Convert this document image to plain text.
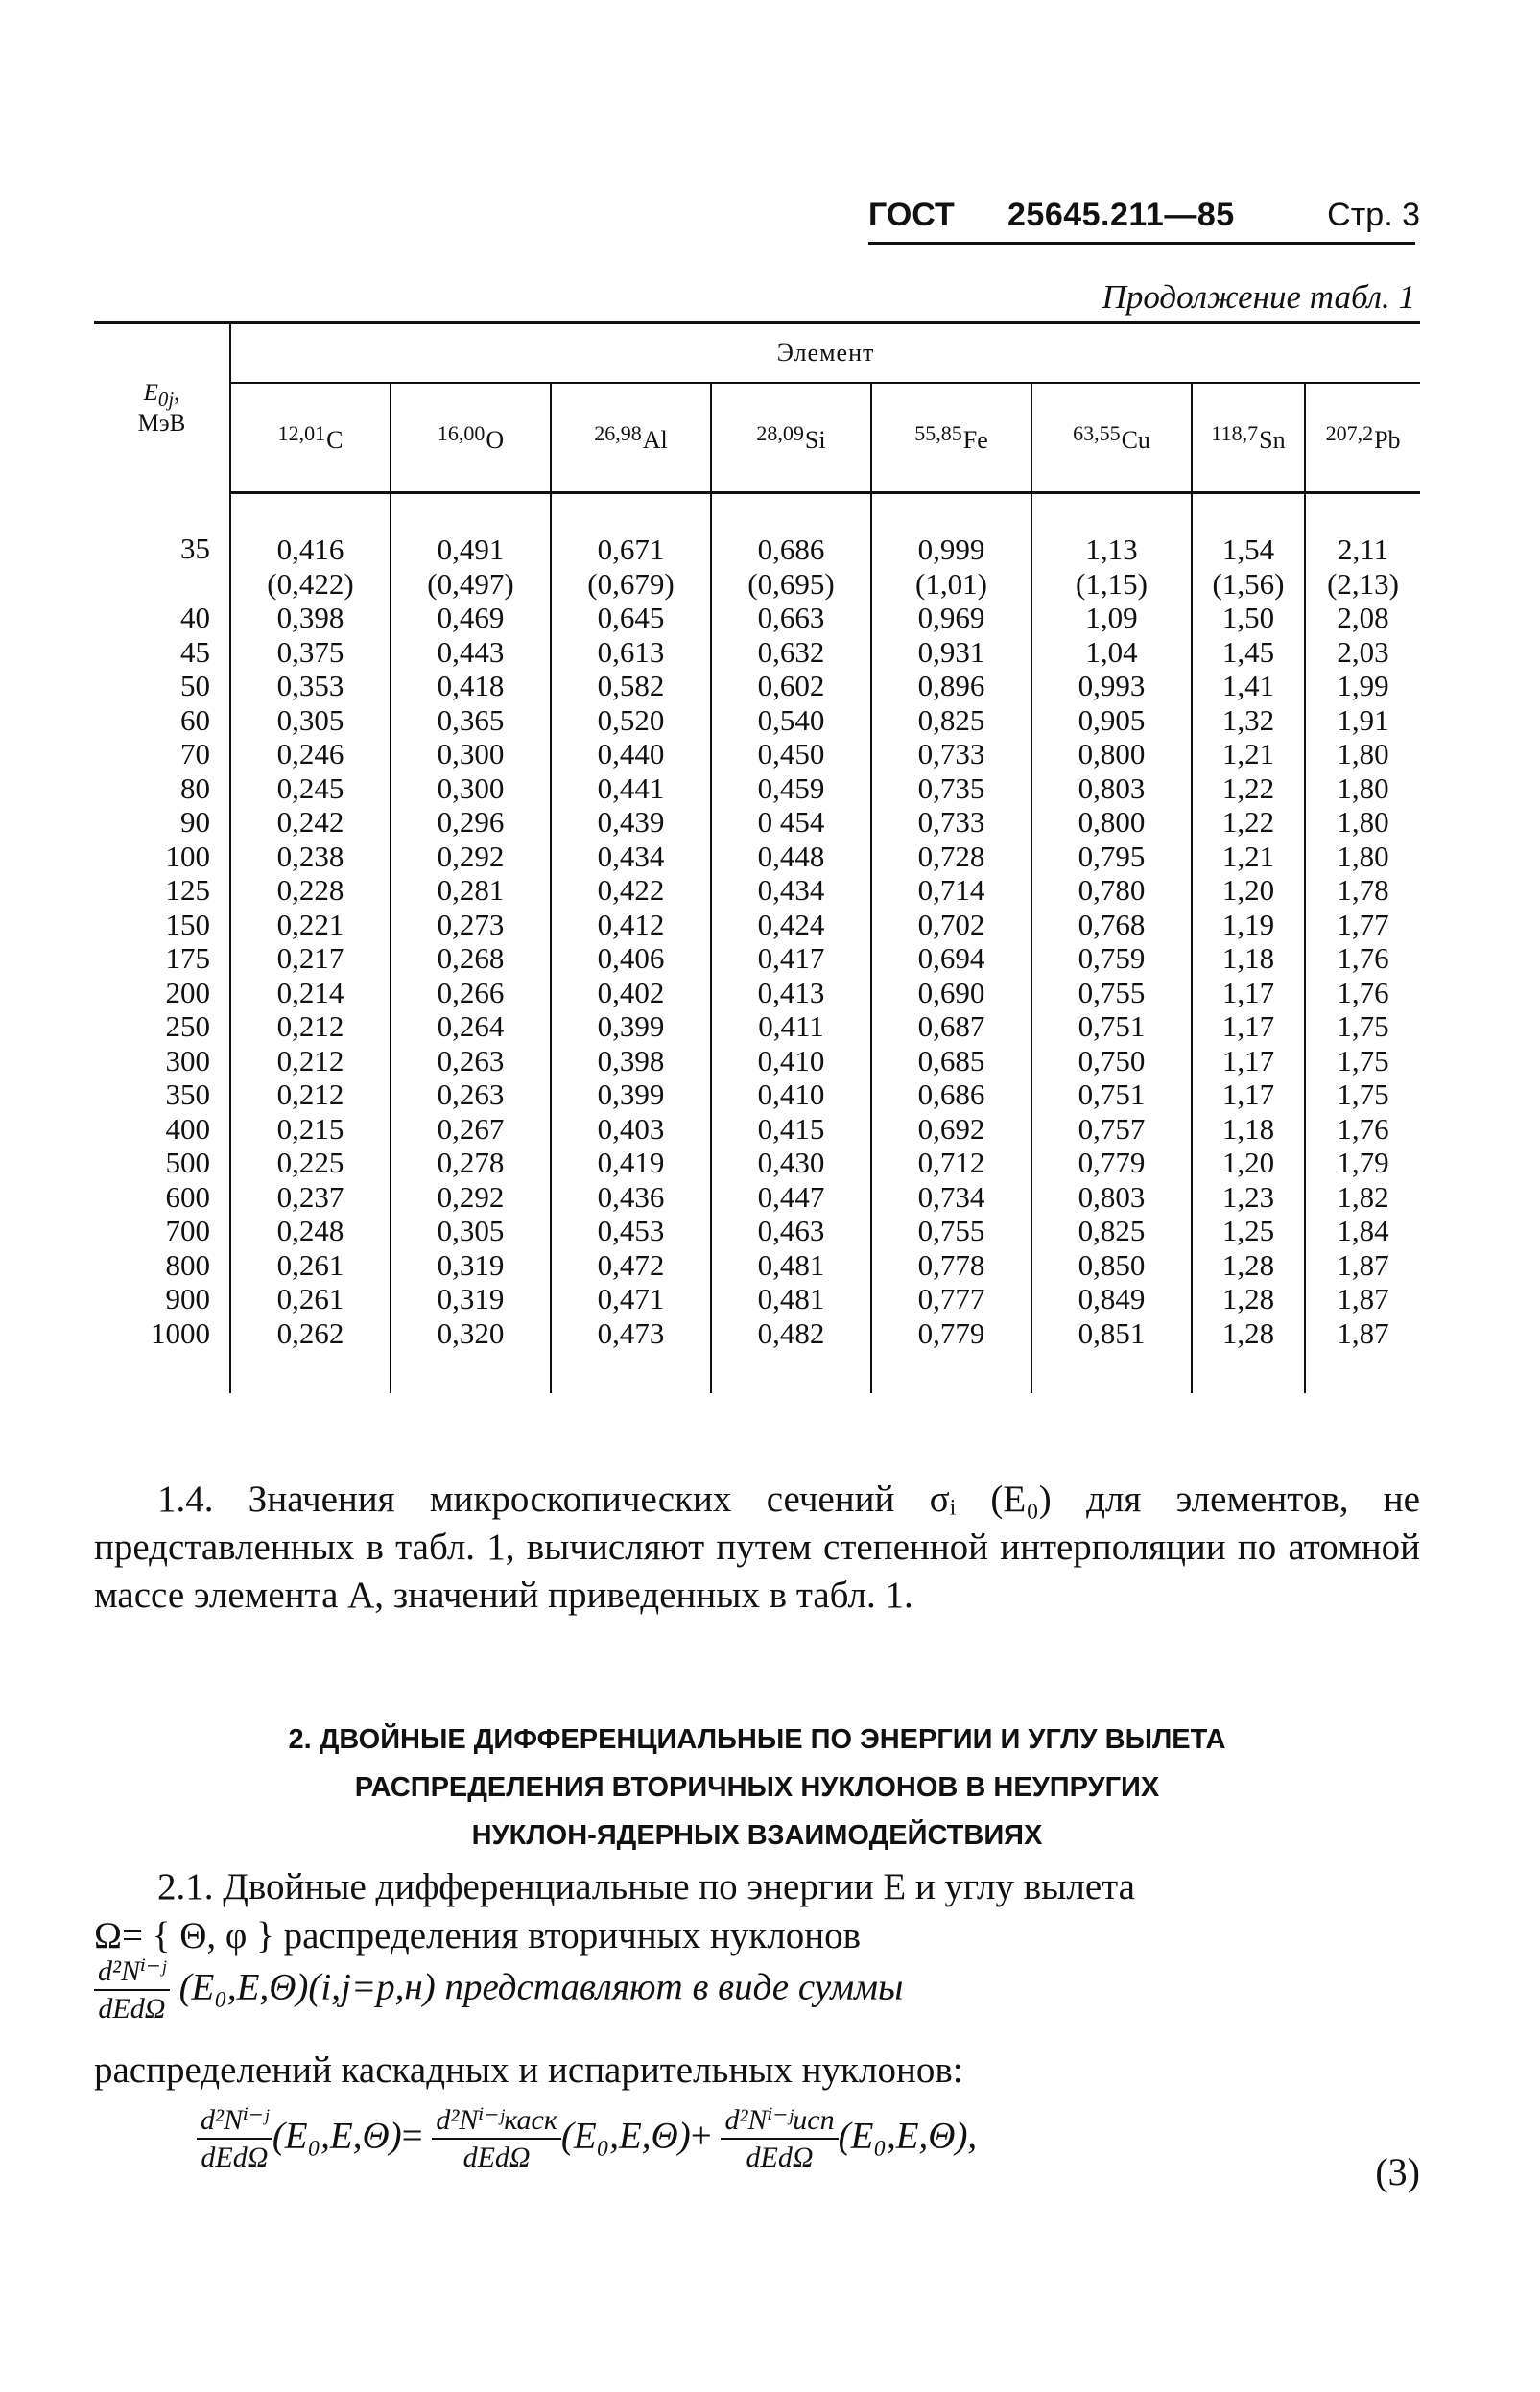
ГОСТ 25645.211—85	Стр. 3
Продолжение табл. 1
$E_{0j}$,
МэВ	Элемент							
	12,01C	16,00O	26,98Al	28,09Si	55,85Fe	63,55Cu	118,7Sn	207,2Pb
35	0,416	0,491	0,671	0,686	0,999	1,13	1,54	2,11
	(0,422)	(0,497)	(0,679)	(0,695)	(1,01)	(1,15)	(1,56)	(2,13)
40	0,398	0,469	0,645	0,663	0,969	1,09	1,50	2,08
45	0,375	0,443	0,613	0,632	0,931	1,04	1,45	2,03
50	0,353	0,418	0,582	0,602	0,896	0,993	1,41	1,99
60	0,305	0,365	0,520	0,540	0,825	0,905	1,32	1,91
70	0,246	0,300	0,440	0,450	0,733	0,800	1,21	1,80
80	0,245	0,300	0,441	0,459	0,735	0,803	1,22	1,80
90	0,242	0,296	0,439	0 454	0,733	0,800	1,22	1,80
100	0,238	0,292	0,434	0,448	0,728	0,795	1,21	1,80
125	0,228	0,281	0,422	0,434	0,714	0,780	1,20	1,78
150	0,221	0,273	0,412	0,424	0,702	0,768	1,19	1,77
175	0,217	0,268	0,406	0,417	0,694	0,759	1,18	1,76
200	0,214	0,266	0,402	0,413	0,690	0,755	1,17	1,76
250	0,212	0,264	0,399	0,411	0,687	0,751	1,17	1,75
300	0,212	0,263	0,398	0,410	0,685	0,750	1,17	1,75
350	0,212	0,263	0,399	0,410	0,686	0,751	1,17	1,75
400	0,215	0,267	0,403	0,415	0,692	0,757	1,18	1,76
500	0,225	0,278	0,419	0,430	0,712	0,779	1,20	1,79
600	0,237	0,292	0,436	0,447	0,734	0,803	1,23	1,82
700	0,248	0,305	0,453	0,463	0,755	0,825	1,25	1,84
800	0,261	0,319	0,472	0,481	0,778	0,850	1,28	1,87
900	0,261	0,319	0,471	0,481	0,777	0,849	1,28	1,87
1000	0,262	0,320	0,473	0,482	0,779	0,851	1,28	1,87
1.4. Значения микроскопических сечений σᵢ (E₀) для элементов, не представленных в табл. 1, вычисляют путем степенной интерполяции по атомной массе элемента A, значений приведенных в табл. 1.
2. ДВОЙНЫЕ ДИФФЕРЕНЦИАЛЬНЫЕ ПО ЭНЕРГИИ И УГЛУ ВЫЛЕТА
РАСПРЕДЕЛЕНИЯ ВТОРИЧНЫХ НУКЛОНОВ В НЕУПРУГИХ
НУКЛОН-ЯДЕРНЫХ ВЗАИМОДЕЙСТВИЯХ
2.1. Двойные дифференциальные по энергии E и углу вылета
Ω= { Θ, φ } распределения вторичных нуклонов
$\frac{\text{d²Nⁱ⁻ʲ}}{\text{dEdΩ}} (E_0,E,\Theta)(i,j=p,н)$ представляют в виде суммы
распределений каскадных и испарительных нуклонов:
$\frac{\text{d²Nⁱ⁻ʲ}}{\text{dEdΩ}} (E_0,E,\Theta)= \frac{\text{d²Nⁱ⁻ʲкаск}}{\text{dEdΩ}} (E_0,E,\Theta)+ \frac{\text{d²Nⁱ⁻ʲисп}}{\text{dEdΩ}} (E_0,E,\Theta)$,
(3)
